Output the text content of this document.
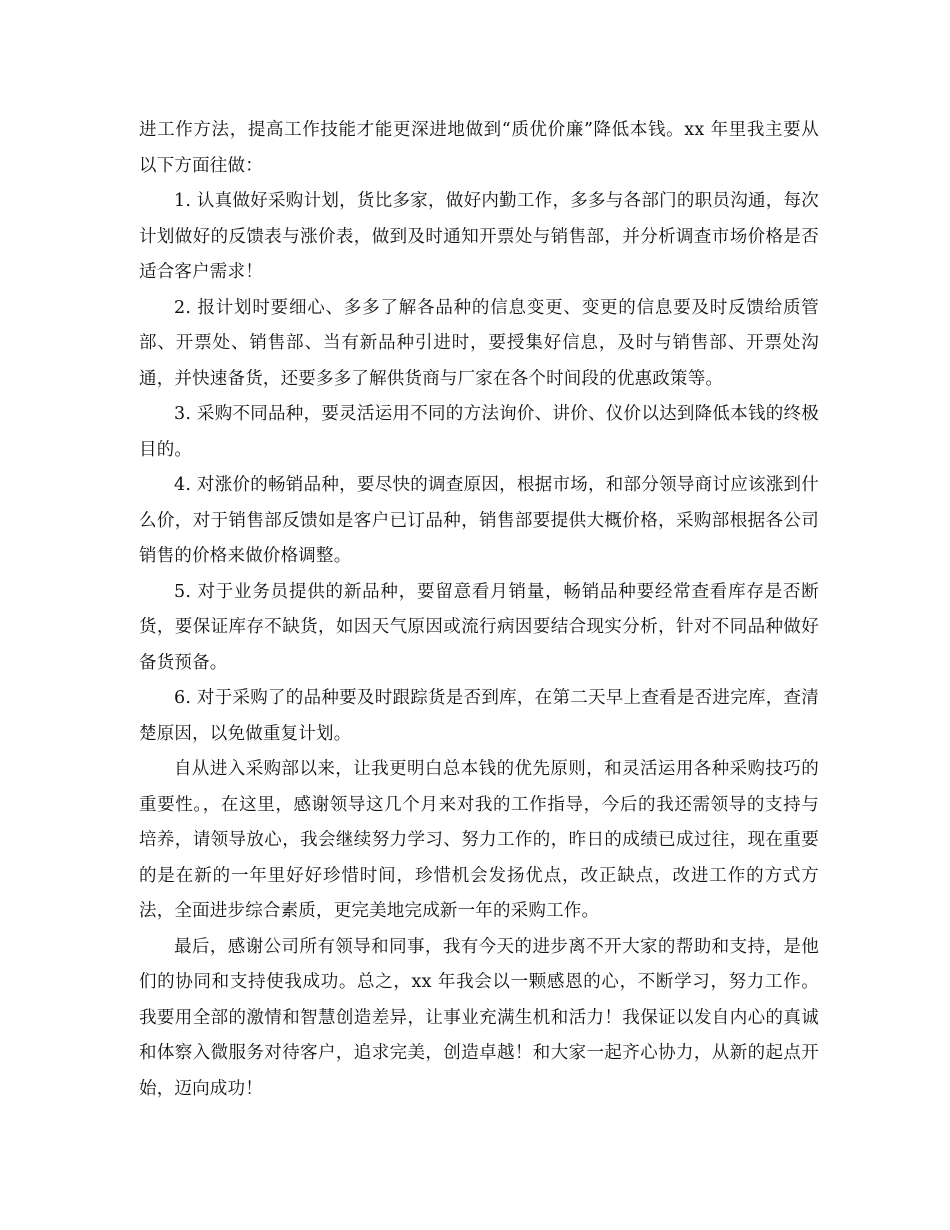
进工作方法，提高工作技能才能更深进地做到“质优价廉”降低本钱。xx 年里我主要从以下方面往做：

1. 认真做好采购计划，货比多家，做好内勤工作，多多与各部门的职员沟通，每次计划做好的反馈表与涨价表，做到及时通知开票处与销售部，并分析调查市场价格是否适合客户需求！

2. 报计划时要细心、多多了解各品种的信息变更、变更的信息要及时反馈给质管部、开票处、销售部、当有新品种引进时，要授集好信息，及时与销售部、开票处沟通，并快速备货，还要多多了解供货商与厂家在各个时间段的优惠政策等。

3. 采购不同品种，要灵活运用不同的方法询价、讲价、仪价以达到降低本钱的终极目的。

4. 对涨价的畅销品种，要尽快的调查原因，根据市场，和部分领导商讨应该涨到什么价，对于销售部反馈如是客户已订品种，销售部要提供大概价格，采购部根据各公司销售的价格来做价格调整。

5. 对于业务员提供的新品种，要留意看月销量，畅销品种要经常查看库存是否断货，要保证库存不缺货，如因天气原因或流行病因要结合现实分析，针对不同品种做好备货预备。

6. 对于采购了的品种要及时跟踪货是否到库，在第二天早上查看是否进完库，查清楚原因，以免做重复计划。

自从进入采购部以来，让我更明白总本钱的优先原则，和灵活运用各种采购技巧的重要性。，在这里，感谢领导这几个月来对我的工作指导，今后的我还需领导的支持与培养，请领导放心，我会继续努力学习、努力工作的，昨日的成绩已成过往，现在重要的是在新的一年里好好珍惜时间，珍惜机会发扬优点，改正缺点，改进工作的方式方法，全面进步综合素质，更完美地完成新一年的采购工作。

最后，感谢公司所有领导和同事，我有今天的进步离不开大家的帮助和支持，是他们的协同和支持使我成功。总之，xx 年我会以一颗感恩的心，不断学习，努力工作。我要用全部的激情和智慧创造差异，让事业充满生机和活力！我保证以发自内心的真诚和体察入微服务对待客户，追求完美，创造卓越！和大家一起齐心协力，从新的起点开始，迈向成功！
